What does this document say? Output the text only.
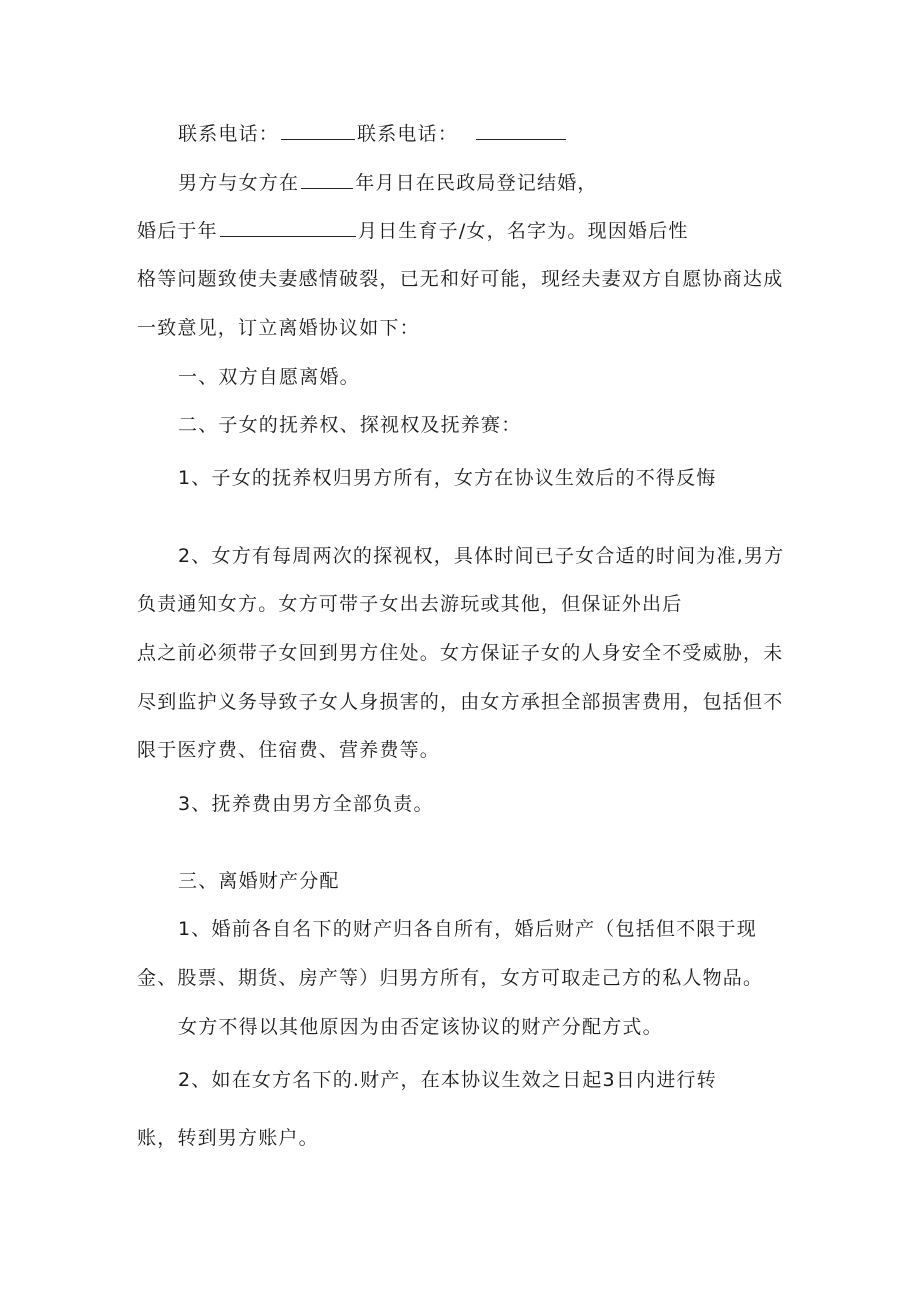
联系电话：	联系电话：
男方与女方在	年月日在民政局登记结婚，
婚后于年	月日生育子/女，名字为。现因婚后性
格等问题致使夫妻感情破裂，已无和好可能，现经夫妻双方自愿协商达成
一致意见，订立离婚协议如下：
一、双方自愿离婚。
二、子女的抚养权、探视权及抚养赛：
1、子女的抚养权归男方所有，女方在协议生效后的不得反悔
2、女方有每周两次的探视权，具体时间已子女合适的时间为准,男方
负责通知女方。女方可带子女出去游玩或其他，但保证外出后
点之前必须带子女回到男方住处。女方保证子女的人身安全不受威胁，未
尽到监护义务导致子女人身损害的，由女方承担全部损害费用，包括但不
限于医疗费、住宿费、营养费等。
3、抚养费由男方全部负责。
三、离婚财产分配
1、婚前各自名下的财产归各自所有，婚后财产（包括但不限于现
金、股票、期货、房产等）归男方所有，女方可取走己方的私人物品。
女方不得以其他原因为由否定该协议的财产分配方式。
2、如在女方名下的.财产，在本协议生效之日起3日内进行转
账，转到男方账户。
